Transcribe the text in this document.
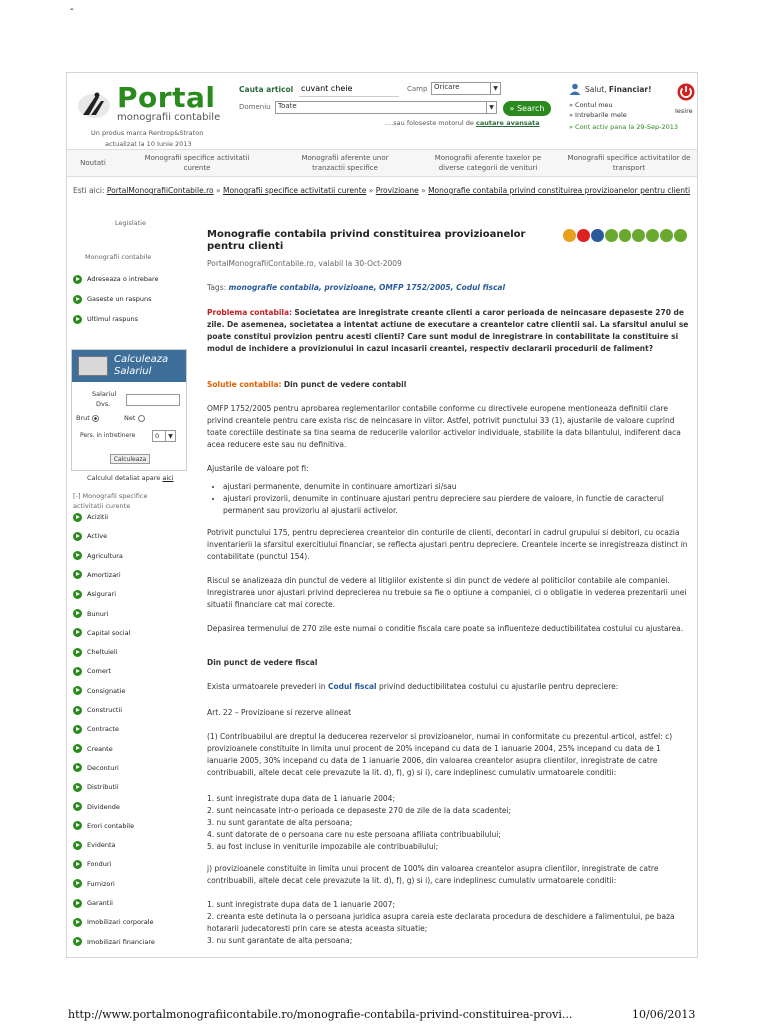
-
Portal
monografii contabile
Un produs marca Rentrop&Straton
actualizat la 10 Iunie 2013
Cauta articol
cuvant cheie	Camp Oricare	▼
Domeniu	Toate	▼	» Search
....sau foloseste motorul de cautare avansata
Salut, Financiar!
» Contul meu
» Intrebarile mele
» Cont activ pana la 29-Sep-2013
Iesire
Noutati
Monografii specifice activitatii curente
Monografii aferente unor tranzactii specifice
Monografii aferente taxelor pe diverse categorii de venituri
Monografii specifice activitatilor de transport
Esti aici: PortalMonografiiContabile.ro » Monografii specifice activitatii curente » Provizioane » Monografie contabila privind constituirea provizioanelor pentru clienti
Legislatie
Monografii contabile
Adreseaza o intrebare
Gaseste un raspuns
Ultimul raspuns
Calculeaza
Salariul
Salariul
Dvs.
Brut	Net
Pers. in intretinere	0	▼
Calculeaza
Calculul detaliat apare aici
[-] Monografii specifice activitatii curente
Acizitii
Active
Agricultura
Amortizari
Asigurari
Bunuri
Capital social
Cheltuieli
Comert
Consignatie
Constructii
Contracte
Creante
Deconturi
Distributii
Dividende
Erori contabile
Evidenta
Fonduri
Furnizori
Garantii
Imobilizari corporale
Imobilizari financiare
Monografie contabila privind constituirea provizioanelor pentru clienti
PortalMonografiiContabile.ro, valabil la 30-Oct-2009
Tags: monografie contabila, provizioane, OMFP 1752/2005, Codul fiscal
Problema contabila: Societatea are inregistrate creante clienti a caror perioada de neincasare depaseste 270 de zile. De asemenea, societatea a intentat actiune de executare a creantelor catre clientii sai. La sfarsitul anului se poate constitui provizion pentru acesti clienti? Care sunt modul de inregistrare in contabilitate la constituire si modul de inchidere a provizionului in cazul incasarii creantei, respectiv declararii procedurii de faliment?
Solutie contabila: Din punct de vedere contabil
OMFP 1752/2005 pentru aprobarea reglementarilor contabile conforme cu directivele europene mentioneaza definitii clare privind creantele pentru care exista risc de neincasare in viitor. Astfel, potrivit punctului 33 (1), ajustarile de valoare cuprind toate corectiile destinate sa tina seama de reducerile valorilor activelor individuale, stabilite la data bilantului, indiferent daca acea reducere este sau nu definitiva.
Ajustarile de valoare pot fi:
• ajustari permanente, denumite in continuare amortizari si/sau
• ajustari provizorii, denumite in continuare ajustari pentru depreciere sau pierdere de valoare, in functie de caracterul permanent sau provizoriu al ajustarii activelor.
Potrivit punctului 175, pentru deprecierea creantelor din conturile de clienti, decontari in cadrul grupului si debitori, cu ocazia inventarierii la sfarsitul exercitiului financiar, se reflecta ajustari pentru depreciere. Creantele incerte se inregistreaza distinct in contabilitate (punctul 154).
Riscul se analizeaza din punctul de vedere al litigiilor existente si din punct de vedere al politicilor contabile ale companiei. Inregistrarea unor ajustari privind deprecierea nu trebuie sa fie o optiune a companiei, ci o obligatie in vederea prezentarii unei situatii financiare cat mai corecte.
Depasirea termenului de 270 zile este numai o conditie fiscala care poate sa influenteze deductibilitatea costului cu ajustarea.
Din punct de vedere fiscal
Exista urmatoarele prevederi in Codul fiscal privind deductibilitatea costului cu ajustarile pentru depreciere:
Art. 22 – Provizioane si rezerve alineat
(1) Contribuabilul are dreptul la deducerea rezervelor si provizioanelor, numai in conformitate cu prezentul articol, astfel: c) provizioanele constituite in limita unui procent de 20% incepand cu data de 1 ianuarie 2004, 25% incepand cu data de 1 ianuarie 2005, 30% incepand cu data de 1 ianuarie 2006, din valoarea creantelor asupra clientilor, inregistrate de catre contribuabili, altele decat cele prevazute la lit. d), f), g) si i), care indeplinesc cumulativ urmatoarele conditii:
1. sunt inregistrate dupa data de 1 ianuarie 2004;
2. sunt neincasate intr-o perioada ce depaseste 270 de zile de la data scadentei;
3. nu sunt garantate de alta persoana;
4. sunt datorate de o persoana care nu este persoana afiliata contribuabilului;
5. au fost incluse in veniturile impozabile ale contribuabilului;
j) provizioanele constituite in limita unui procent de 100% din valoarea creantelor asupra clientilor, inregistrate de catre contribuabili, altele decat cele prevazute la lit. d), f), g) si i), care indeplinesc cumulativ urmatoarele conditii:
1. sunt inregistrate dupa data de 1 ianuarie 2007;
2. creanta este detinuta la o persoana juridica asupra careia este declarata procedura de deschidere a falimentului, pe baza hotararii judecatoresti prin care se atesta aceasta situatie;
3. nu sunt garantate de alta persoana;
http://www.portalmonografiicontabile.ro/monografie-contabila-privind-constituirea-provi...	10/06/2013
